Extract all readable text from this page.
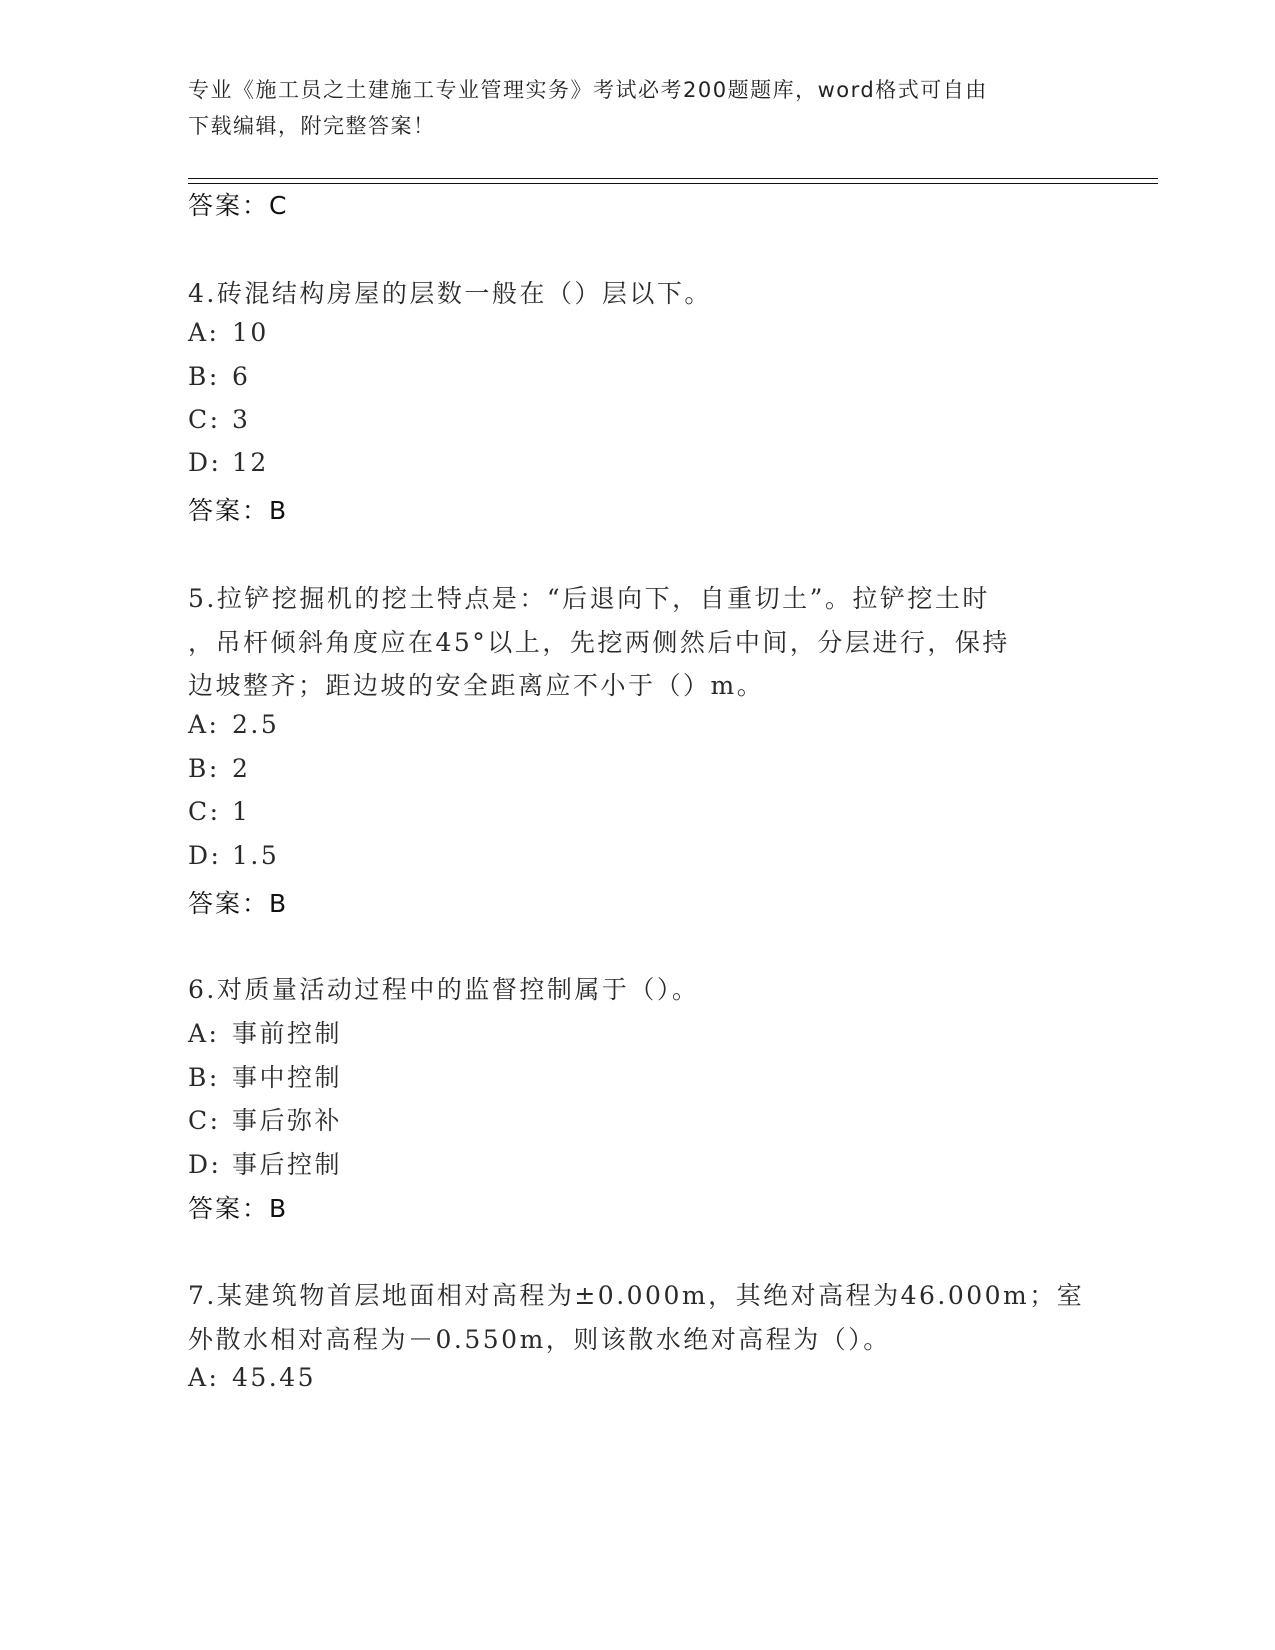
专业《施工员之土建施工专业管理实务》考试必考200题题库，word格式可自由
下载编辑，附完整答案！
答案：C
4.砖混结构房屋的层数一般在（）层以下。
A: 10
B: 6
C: 3
D: 12
答案：B
5.拉铲挖掘机的挖土特点是：“后退向下，自重切土”。拉铲挖土时
，吊杆倾斜角度应在45°以上，先挖两侧然后中间，分层进行，保持
边坡整齐；距边坡的安全距离应不小于（）m。
A: 2.5
B: 2
C: 1
D: 1.5
答案：B
6.对质量活动过程中的监督控制属于（）。
A: 事前控制
B: 事中控制
C: 事后弥补
D: 事后控制
答案：B
7.某建筑物首层地面相对高程为±0.000m，其绝对高程为46.000m；室
外散水相对高程为－0.550m，则该散水绝对高程为（）。
A: 45.45
